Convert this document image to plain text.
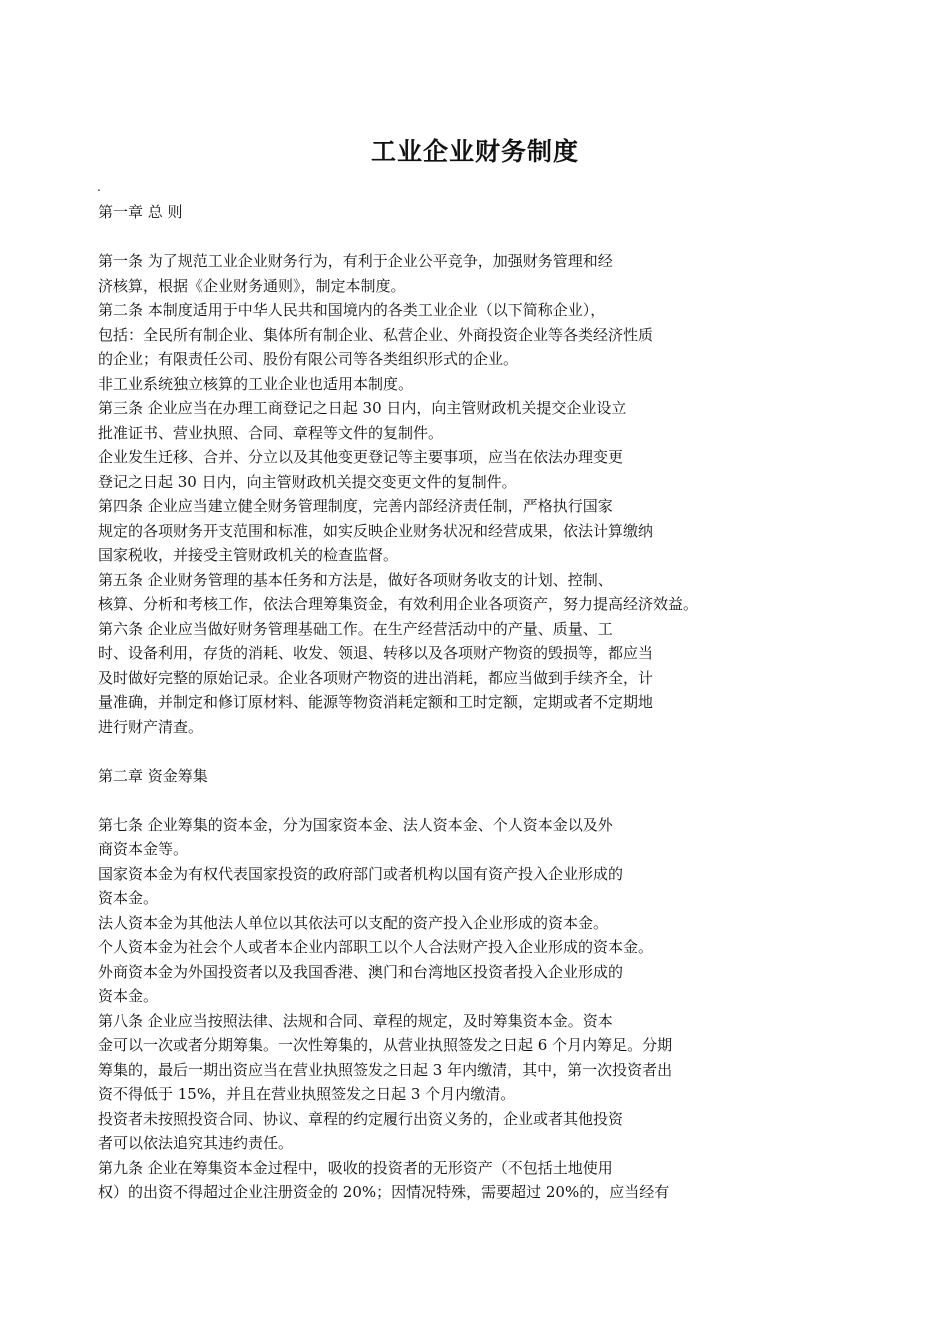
工业企业财务制度
.
第一章 总 则
第一条 为了规范工业企业财务行为，有利于企业公平竞争，加强财务管理和经
济核算，根据《企业财务通则》，制定本制度。
第二条 本制度适用于中华人民共和国境内的各类工业企业（以下简称企业），
包括：全民所有制企业、集体所有制企业、私营企业、外商投资企业等各类经济性质
的企业；有限责任公司、股份有限公司等各类组织形式的企业。
非工业系统独立核算的工业企业也适用本制度。
第三条 企业应当在办理工商登记之日起 30 日内，向主管财政机关提交企业设立
批准证书、营业执照、合同、章程等文件的复制件。
企业发生迁移、合并、分立以及其他变更登记等主要事项，应当在依法办理变更
登记之日起 30 日内，向主管财政机关提交变更文件的复制件。
第四条 企业应当建立健全财务管理制度，完善内部经济责任制，严格执行国家
规定的各项财务开支范围和标准，如实反映企业财务状况和经营成果，依法计算缴纳
国家税收，并接受主管财政机关的检查监督。
第五条 企业财务管理的基本任务和方法是，做好各项财务收支的计划、控制、
核算、分析和考核工作，依法合理筹集资金，有效利用企业各项资产，努力提高经济效益。
第六条 企业应当做好财务管理基础工作。在生产经营活动中的产量、质量、工
时、设备利用，存货的消耗、收发、领退、转移以及各项财产物资的毁损等，都应当
及时做好完整的原始记录。企业各项财产物资的进出消耗，都应当做到手续齐全，计
量准确，并制定和修订原材料、能源等物资消耗定额和工时定额，定期或者不定期地
进行财产清查。
第二章 资金筹集
第七条 企业筹集的资本金，分为国家资本金、法人资本金、个人资本金以及外
商资本金等。
国家资本金为有权代表国家投资的政府部门或者机构以国有资产投入企业形成的
资本金。
法人资本金为其他法人单位以其依法可以支配的资产投入企业形成的资本金。
个人资本金为社会个人或者本企业内部职工以个人合法财产投入企业形成的资本金。
外商资本金为外国投资者以及我国香港、澳门和台湾地区投资者投入企业形成的
资本金。
第八条 企业应当按照法律、法规和合同、章程的规定，及时筹集资本金。资本
金可以一次或者分期筹集。一次性筹集的，从营业执照签发之日起 6 个月内筹足。分期
筹集的，最后一期出资应当在营业执照签发之日起 3 年内缴清，其中，第一次投资者出
资不得低于 15%，并且在营业执照签发之日起 3 个月内缴清。
投资者未按照投资合同、协议、章程的约定履行出资义务的，企业或者其他投资
者可以依法追究其违约责任。
第九条 企业在筹集资本金过程中，吸收的投资者的无形资产（不包括土地使用
权）的出资不得超过企业注册资金的 20%；因情况特殊，需要超过 20%的，应当经有
